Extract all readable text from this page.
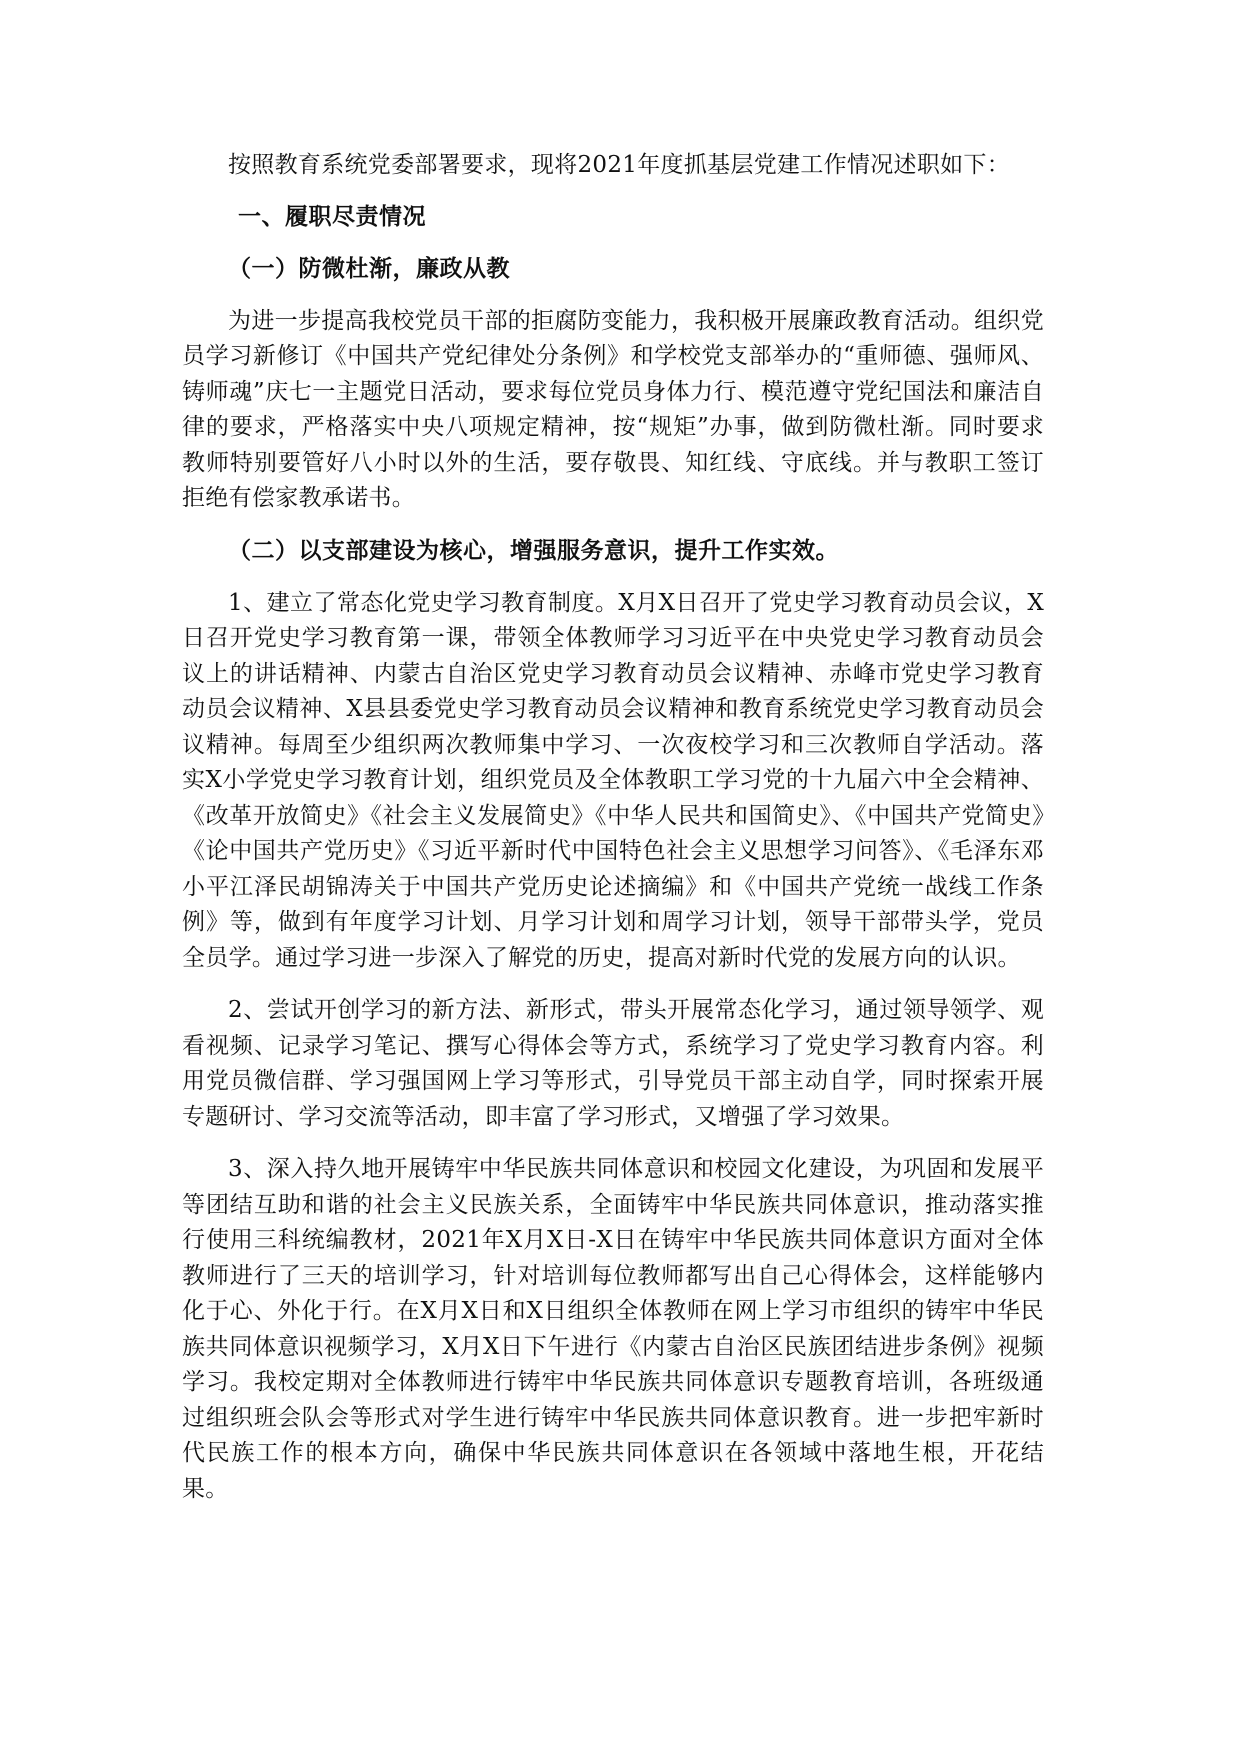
按照教育系统党委部署要求，现将2021年度抓基层党建工作情况述职如下：

一、履职尽责情况
（一）防微杜渐，廉政从教

为进一步提高我校党员干部的拒腐防变能力，我积极开展廉政教育活动。组织党员学习新修订《中国共产党纪律处分条例》和学校党支部举办的“重师德、强师风、铸师魂”庆七一主题党日活动，要求每位党员身体力行、模范遵守党纪国法和廉洁自律的要求，严格落实中央八项规定精神，按“规矩”办事，做到防微杜渐。同时要求教师特别要管好八小时以外的生活，要存敬畏、知红线、守底线。并与教职工签订拒绝有偿家教承诺书。

（二）以支部建设为核心，增强服务意识，提升工作实效。

1、建立了常态化党史学习教育制度。X月X日召开了党史学习教育动员会议，X日召开党史学习教育第一课，带领全体教师学习习近平在中央党史学习教育动员会议上的讲话精神、内蒙古自治区党史学习教育动员会议精神、赤峰市党史学习教育动员会议精神、X县县委党史学习教育动员会议精神和教育系统党史学习教育动员会议精神。每周至少组织两次教师集中学习、一次夜校学习和三次教师自学活动。落实X小学党史学习教育计划，组织党员及全体教职工学习党的十九届六中全会精神、《改革开放简史》《社会主义发展简史》《中华人民共和国简史》、《中国共产党简史》《论中国共产党历史》《习近平新时代中国特色社会主义思想学习问答》、《毛泽东邓小平江泽民胡锦涛关于中国共产党历史论述摘编》和《中国共产党统一战线工作条例》等，做到有年度学习计划、月学习计划和周学习计划，领导干部带头学，党员全员学。通过学习进一步深入了解党的历史，提高对新时代党的发展方向的认识。

2、尝试开创学习的新方法、新形式，带头开展常态化学习，通过领导领学、观看视频、记录学习笔记、撰写心得体会等方式，系统学习了党史学习教育内容。利用党员微信群、学习强国网上学习等形式，引导党员干部主动自学，同时探索开展专题研讨、学习交流等活动，即丰富了学习形式，又增强了学习效果。

3、深入持久地开展铸牢中华民族共同体意识和校园文化建设，为巩固和发展平等团结互助和谐的社会主义民族关系，全面铸牢中华民族共同体意识，推动落实推行使用三科统编教材，2021年X月X日-X日在铸牢中华民族共同体意识方面对全体教师进行了三天的培训学习，针对培训每位教师都写出自己心得体会，这样能够内化于心、外化于行。在X月X日和X日组织全体教师在网上学习市组织的铸牢中华民族共同体意识视频学习，X月X日下午进行《内蒙古自治区民族团结进步条例》视频学习。我校定期对全体教师进行铸牢中华民族共同体意识专题教育培训，各班级通过组织班会队会等形式对学生进行铸牢中华民族共同体意识教育。进一步把牢新时代民族工作的根本方向，确保中华民族共同体意识在各领域中落地生根，开花结果。
